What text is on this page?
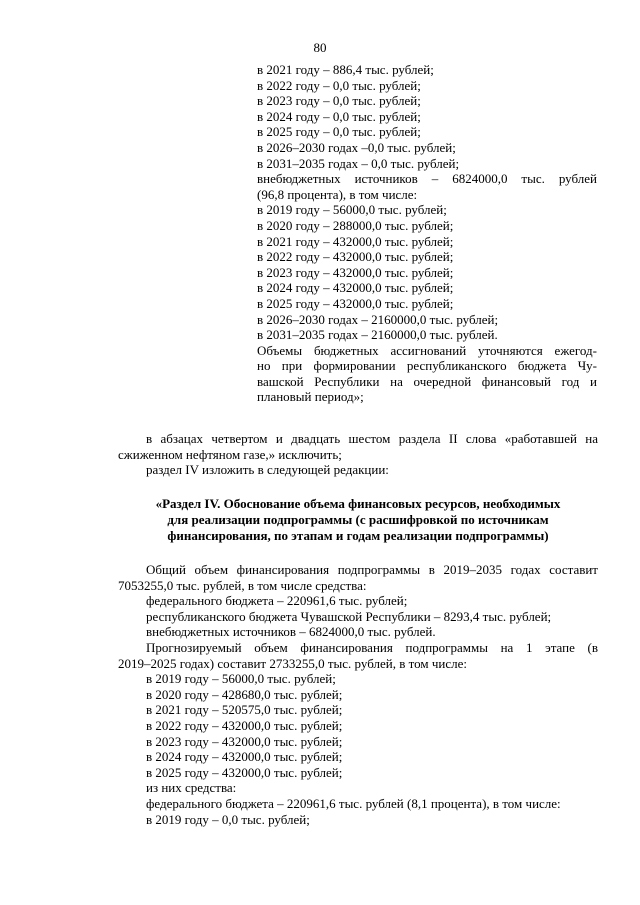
80

в 2021 году – 886,4 тыс. рублей;

в 2022 году – 0,0 тыс. рублей;

в 2023 году – 0,0 тыс. рублей;

в 2024 году – 0,0 тыс. рублей;

в 2025 году – 0,0 тыс. рублей;

в 2026–2030 годах –0,0 тыс. рублей;

в 2031–2035 годах – 0,0 тыс. рублей;

внебюджетных источников – 6824000,0 тыс. рублей

(96,8 процента), в том числе:

в 2019 году – 56000,0 тыс. рублей;

в 2020 году – 288000,0 тыс. рублей;

в 2021 году – 432000,0 тыс. рублей;

в 2022 году – 432000,0 тыс. рублей;

в 2023 году – 432000,0 тыс. рублей;

в 2024 году – 432000,0 тыс. рублей;

в 2025 году – 432000,0 тыс. рублей;

в 2026–2030 годах – 2160000,0 тыс. рублей;

в 2031–2035 годах – 2160000,0 тыс. рублей.

Объемы бюджетных ассигнований уточняются ежегод-

но при формировании республиканского бюджета Чу-

вашской Республики на очередной финансовый год и

плановый период»;

в абзацах четвертом и двадцать шестом раздела II слова «работавшей на

сжиженном нефтяном газе,» исключить;

раздел IV изложить в следующей редакции:

«Раздел IV. Обоснование объема финансовых ресурсов, необходимых

для реализации подпрограммы (с расшифровкой по источникам

финансирования, по этапам и годам реализации подпрограммы)

Общий объем финансирования подпрограммы в 2019–2035 годах составит

7053255,0 тыс. рублей, в том числе средства:

федерального бюджета – 220961,6 тыс. рублей;

республиканского бюджета Чувашской Республики – 8293,4 тыс. рублей;

внебюджетных источников – 6824000,0 тыс. рублей.

Прогнозируемый объем финансирования подпрограммы на 1 этапе (в

2019–2025 годах) составит 2733255,0 тыс. рублей, в том числе:

в 2019 году – 56000,0 тыс. рублей;

в 2020 году – 428680,0 тыс. рублей;

в 2021 году – 520575,0 тыс. рублей;

в 2022 году – 432000,0 тыс. рублей;

в 2023 году – 432000,0 тыс. рублей;

в 2024 году – 432000,0 тыс. рублей;

в 2025 году – 432000,0 тыс. рублей;

из них средства:

федерального бюджета – 220961,6 тыс. рублей (8,1 процента), в том числе:

в 2019 году – 0,0 тыс. рублей;
